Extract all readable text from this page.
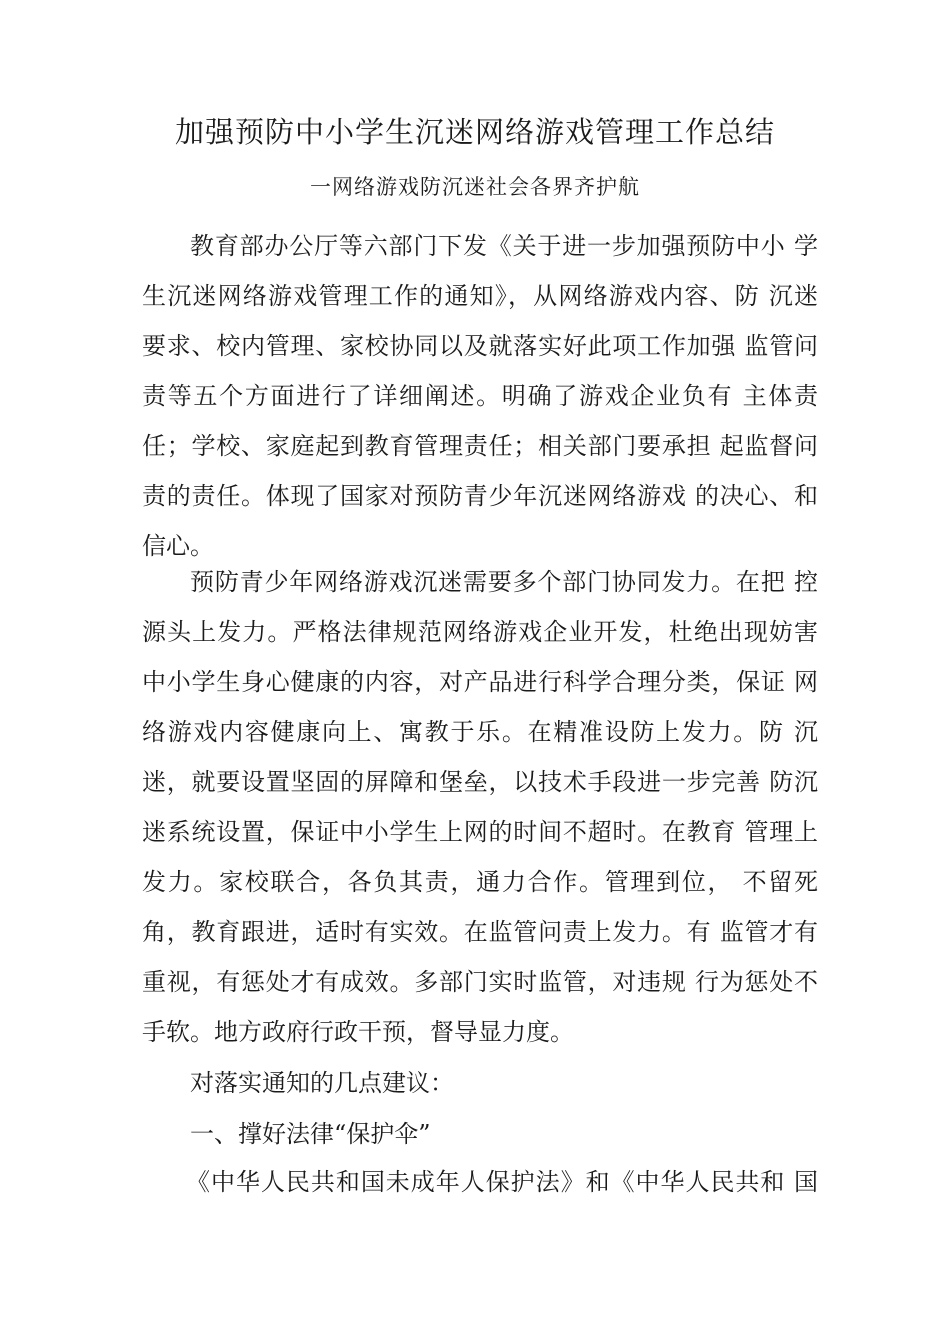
加强预防中小学生沉迷网络游戏管理工作总结
一网络游戏防沉迷社会各界齐护航
教育部办公厅等六部门下发《关于进一步加强预防中小 学
生沉迷网络游戏管理工作的通知》，从网络游戏内容、防 沉迷
要求、校内管理、家校协同以及就落实好此项工作加强 监管问
责等五个方面进行了详细阐述。明确了游戏企业负有 主体责
任；学校、家庭起到教育管理责任；相关部门要承担 起监督问
责的责任。体现了国家对预防青少年沉迷网络游戏 的决心、和
信心。
预防青少年网络游戏沉迷需要多个部门协同发力。在把 控
源头上发力。严格法律规范网络游戏企业开发，杜绝出现妨害
中小学生身心健康的内容，对产品进行科学合理分类，保证 网
络游戏内容健康向上、寓教于乐。在精准设防上发力。防 沉
迷，就要设置坚固的屏障和堡垒，以技术手段进一步完善 防沉
迷系统设置，保证中小学生上网的时间不超时。在教育 管理上
发力。家校联合，各负其责，通力合作。管理到位， 不留死
角，教育跟进，适时有实效。在监管问责上发力。有 监管才有
重视，有惩处才有成效。多部门实时监管，对违规 行为惩处不
手软。地方政府行政干预，督导显力度。
对落实通知的几点建议：
一、撑好法律“保护伞”
《中华人民共和国未成年人保护法》和《中华人民共和 国
